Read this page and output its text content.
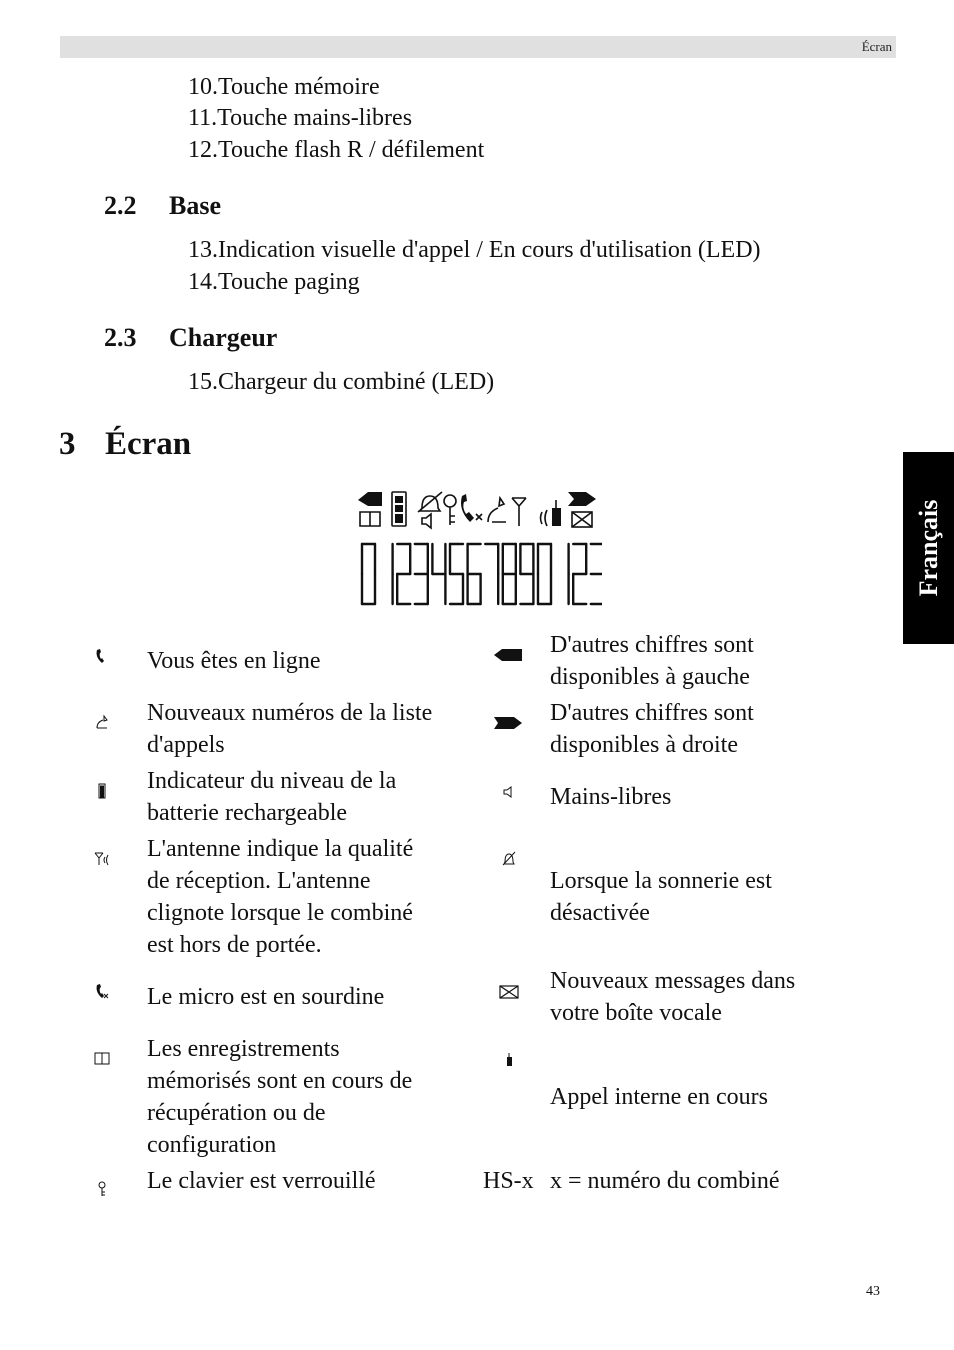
Écran
10.Touche mémoire
11.Touche mains-libres
12.Touche flash R / défilement
2.2 Base
13.Indication visuelle d'appel / En cours d'utilisation (LED)
14.Touche paging
2.3 Chargeur
15.Chargeur du combiné (LED)
3 Écran
Français
Vous êtes en ligne
Nouveaux numéros de la liste
d'appels
Indicateur du niveau de la
batterie rechargeable
L'antenne indique la qualité
de réception. L'antenne
clignote lorsque le combiné
est hors de portée.
Le micro est en sourdine
Les enregistrements
mémorisés sont en cours de
récupération ou de
configuration
Le clavier est verrouillé
D'autres chiffres sont
disponibles à gauche
D'autres chiffres sont
disponibles à droite
Mains-libres
Lorsque la sonnerie est
désactivée
Nouveaux messages dans
votre boîte vocale
Appel interne en cours
HS-x x = numéro du combiné
43
